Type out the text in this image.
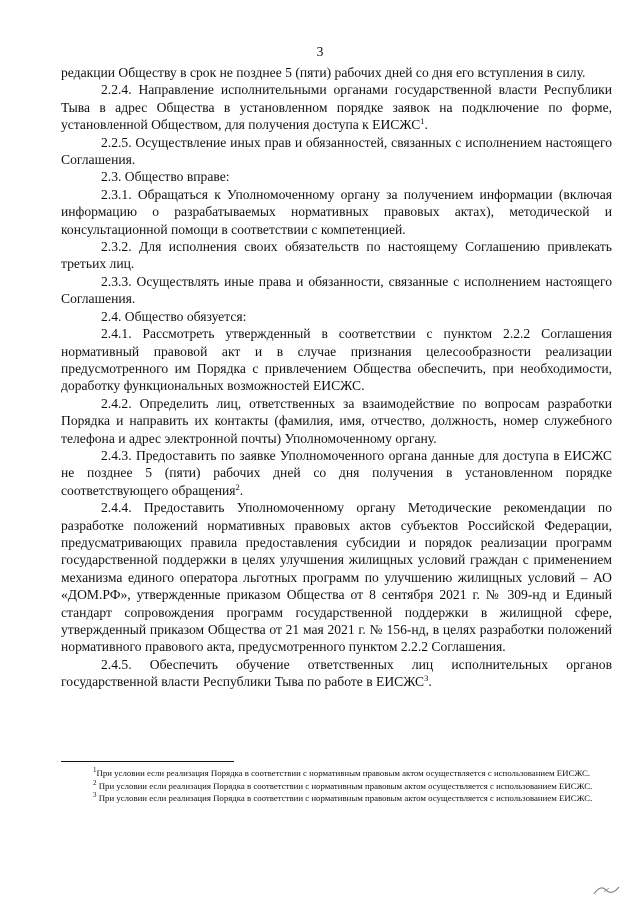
3

редакции Обществу в срок не позднее 5 (пяти) рабочих дней со дня его вступления в силу.

2.2.4. Направление исполнительными органами государственной власти Республики Тыва в адрес Общества в установленном порядке заявок на подключение по форме, установленной Обществом, для получения доступа к ЕИСЖС$^1$.

2.2.5. Осуществление иных прав и обязанностей, связанных с исполнением настоящего Соглашения.

2.3. Общество вправе:

2.3.1. Обращаться к Уполномоченному органу за получением информации (включая информацию о разрабатываемых нормативных правовых актах), методической и консультационной помощи в соответствии с компетенцией.

2.3.2. Для исполнения своих обязательств по настоящему Соглашению привлекать третьих лиц.

2.3.3. Осуществлять иные права и обязанности, связанные с исполнением настоящего Соглашения.

2.4. Общество обязуется:

2.4.1. Рассмотреть утвержденный в соответствии с пунктом 2.2.2 Соглашения нормативный правовой акт и в случае признания целесообразности реализации предусмотренного им Порядка с привлечением Общества обеспечить, при необходимости, доработку функциональных возможностей ЕИСЖС.

2.4.2. Определить лиц, ответственных за взаимодействие по вопросам разработки Порядка и направить их контакты (фамилия, имя, отчество, должность, номер служебного телефона и адрес электронной почты) Уполномоченному органу.

2.4.3. Предоставить по заявке Уполномоченного органа данные для доступа в ЕИСЖС не позднее 5 (пяти) рабочих дней со дня получения в установленном порядке соответствующего обращения$^2$.

2.4.4. Предоставить Уполномоченному органу Методические рекомендации по разработке положений нормативных правовых актов субъектов Российской Федерации, предусматривающих правила предоставления субсидии и порядок реализации программ государственной поддержки в целях улучшения жилищных условий граждан с применением механизма единого оператора льготных программ по улучшению жилищных условий – АО «ДОМ.РФ», утвержденные приказом Общества от 8 сентября 2021 г. № 309-нд и Единый стандарт сопровождения программ государственной поддержки в жилищной сфере, утвержденный приказом Общества от 21 мая 2021 г. № 156-нд, в целях разработки положений нормативного правового акта, предусмотренного пунктом 2.2.2 Соглашения.

2.4.5. Обеспечить обучение ответственных лиц исполнительных органов государственной власти Республики Тыва по работе в ЕИСЖС$^3$.

$^1$При условии если реализация Порядка в соответствии с нормативным правовым актом осуществляется с использованием ЕИСЖС.

$^2$ При условии если реализация Порядка в соответствии с нормативным правовым актом осуществляется с использованием ЕИСЖС.

$^3$ При условии если реализация Порядка в соответствии с нормативным правовым актом осуществляется с использованием ЕИСЖС.
